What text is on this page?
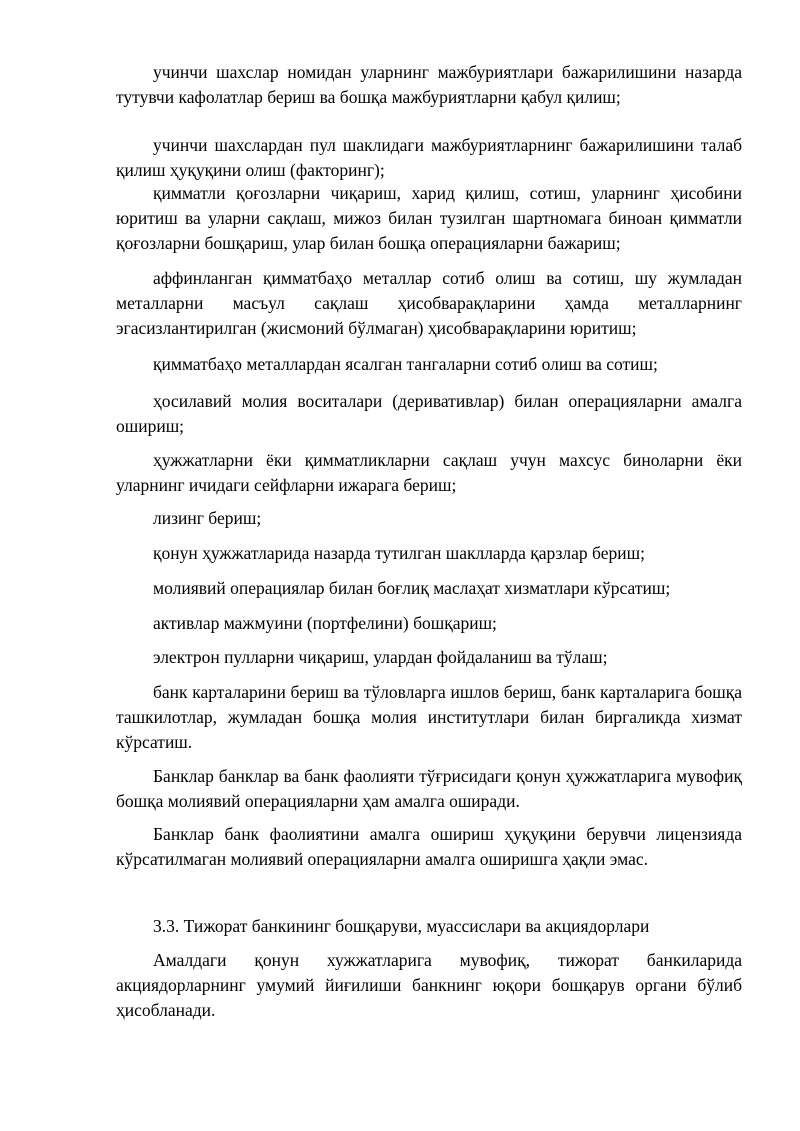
учинчи шахслар номидан уларнинг мажбуриятлари бажарилишини назарда тутувчи кафолатлар бериш ва бошқа мажбуриятларни қабул қилиш;

учинчи шахслардан пул шаклидаги мажбуриятларнинг бажарилишини талаб қилиш ҳуқуқини олиш (факторинг);

қимматли қоғозларни чиқариш, харид қилиш, сотиш, уларнинг ҳисобини юритиш ва уларни сақлаш, мижоз билан тузилган шартномага биноан қимматли қоғозларни бошқариш, улар билан бошқа операцияларни бажариш;

аффинланган қимматбаҳо металлар сотиб олиш ва сотиш, шу жумладан металларни масъул сақлаш ҳисобварақларини ҳамда металларнинг эгасизлантирилган (жисмоний бўлмаган) ҳисобварақларини юритиш;

қимматбаҳо металлардан ясалган тангаларни сотиб олиш ва сотиш;

ҳосилавий молия воситалари (деривативлар) билан операцияларни амалга ошириш;

ҳужжатларни ёки қимматликларни сақлаш учун махсус биноларни ёки уларнинг ичидаги сейфларни ижарага бериш;

лизинг бериш;

қонун ҳужжатларида назарда тутилган шаклларда қарзлар бериш;

молиявий операциялар билан боғлиқ маслаҳат хизматлари кўрсатиш;

активлар мажмуини (портфелини) бошқариш;

электрон пулларни чиқариш, улардан фойдаланиш ва тўлаш;

банк карталарини бериш ва тўловларга ишлов бериш, банк карталарига бошқа ташкилотлар, жумладан бошқа молия институтлари билан биргаликда хизмат кўрсатиш.

Банклар банклар ва банк фаолияти тўғрисидаги қонун ҳужжатларига мувофиқ бошқа молиявий операцияларни ҳам амалга оширади.

Банклар банк фаолиятини амалга ошириш ҳуқуқини берувчи лицензияда кўрсатилмаган молиявий операцияларни амалга оширишга ҳақли эмас.

3.3. Тижорат банкининг бошқаруви, муассислари ва акциядорлари

Амалдаги қонун хужжатларига мувофиқ, тижорат банкиларида акциядорларнинг умумий йиғилиши банкнинг юқори бошқарув органи бўлиб ҳисобланади.
